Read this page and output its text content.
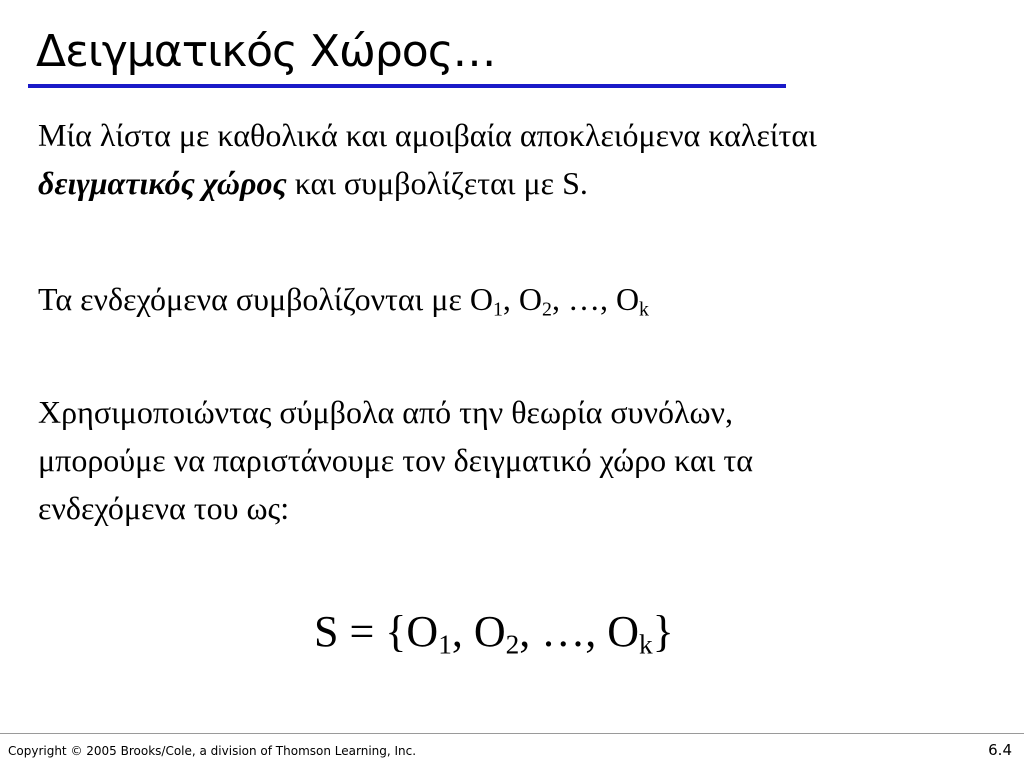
Δειγματικός Χώρος…
Μία λίστα με καθολικά και αμοιβαία αποκλειόμενα καλείται
δειγματικός χώρος και συμβολίζεται με S.
Τα ενδεχόμενα συμβολίζονται με $O_1$, $O_2$, …, $O_k$
Χρησιμοποιώντας σύμβολα από την θεωρία συνόλων,
μπορούμε να παριστάνουμε τον δειγματικό χώρο και τα
ενδεχόμενα του ως:
$S = \{O_1$, $O_2$, …, $O_k$}
Copyright © 2005 Brooks/Cole, a division of Thomson Learning, Inc.	6.4
